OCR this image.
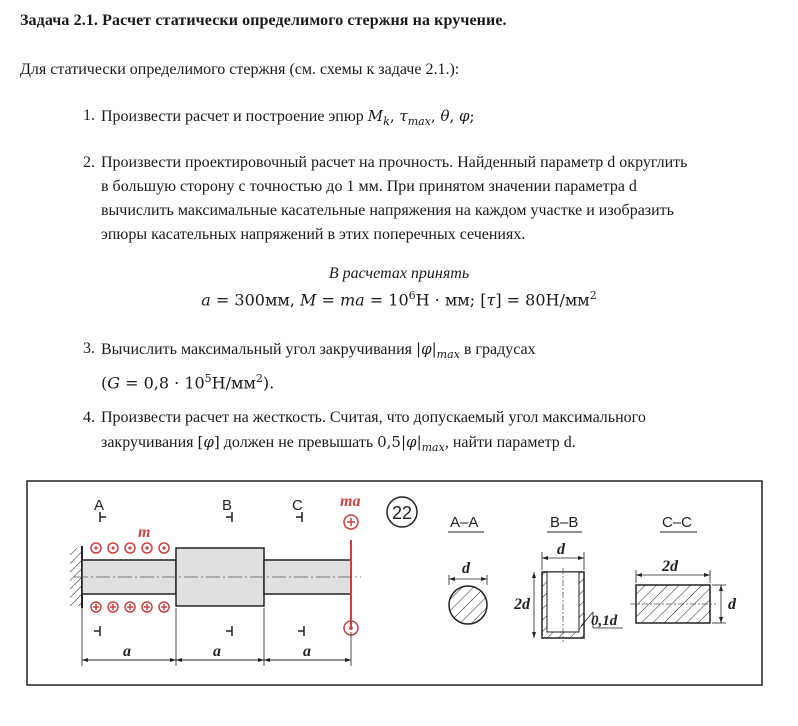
Задача 2.1. Расчет статически определимого стержня на кручение.
Для статически определимого стержня (см. схемы к задаче 2.1.):
1. Произвести расчет и построение эпюр $M_k$, $\tau_{max}$, θ, φ;
2. Произвести проектировочный расчет на прочность. Найденный параметр d округлить
в большую сторону с точностью до 1 мм. При принятом значении параметра d
вычислить максимальные касательные напряжения на каждом участке и изобразить
эпюры касательных напряжений в этих поперечных сечениях.
В расчетах принять
a = 300мм, M = ma = $10^6Н$ · мм; $[\tau] = 80Н/мм^2$
3. Вычислить максимальный угол закручивания $|\varphi|_{max}$ в градусах
$(G = 0,8 \cdot 10^5Н/мм^2)$.
4. Произвести расчет на жесткость. Считая, что допускаемый угол максимального
закручивания [φ] должен не превышать $0,5|\varphi|_{max}$, найти параметр d.
m
ma
A	B	C
a	a	a
22	A–A
d
B–B
d
2d
0,1d
C–C
2d
d
